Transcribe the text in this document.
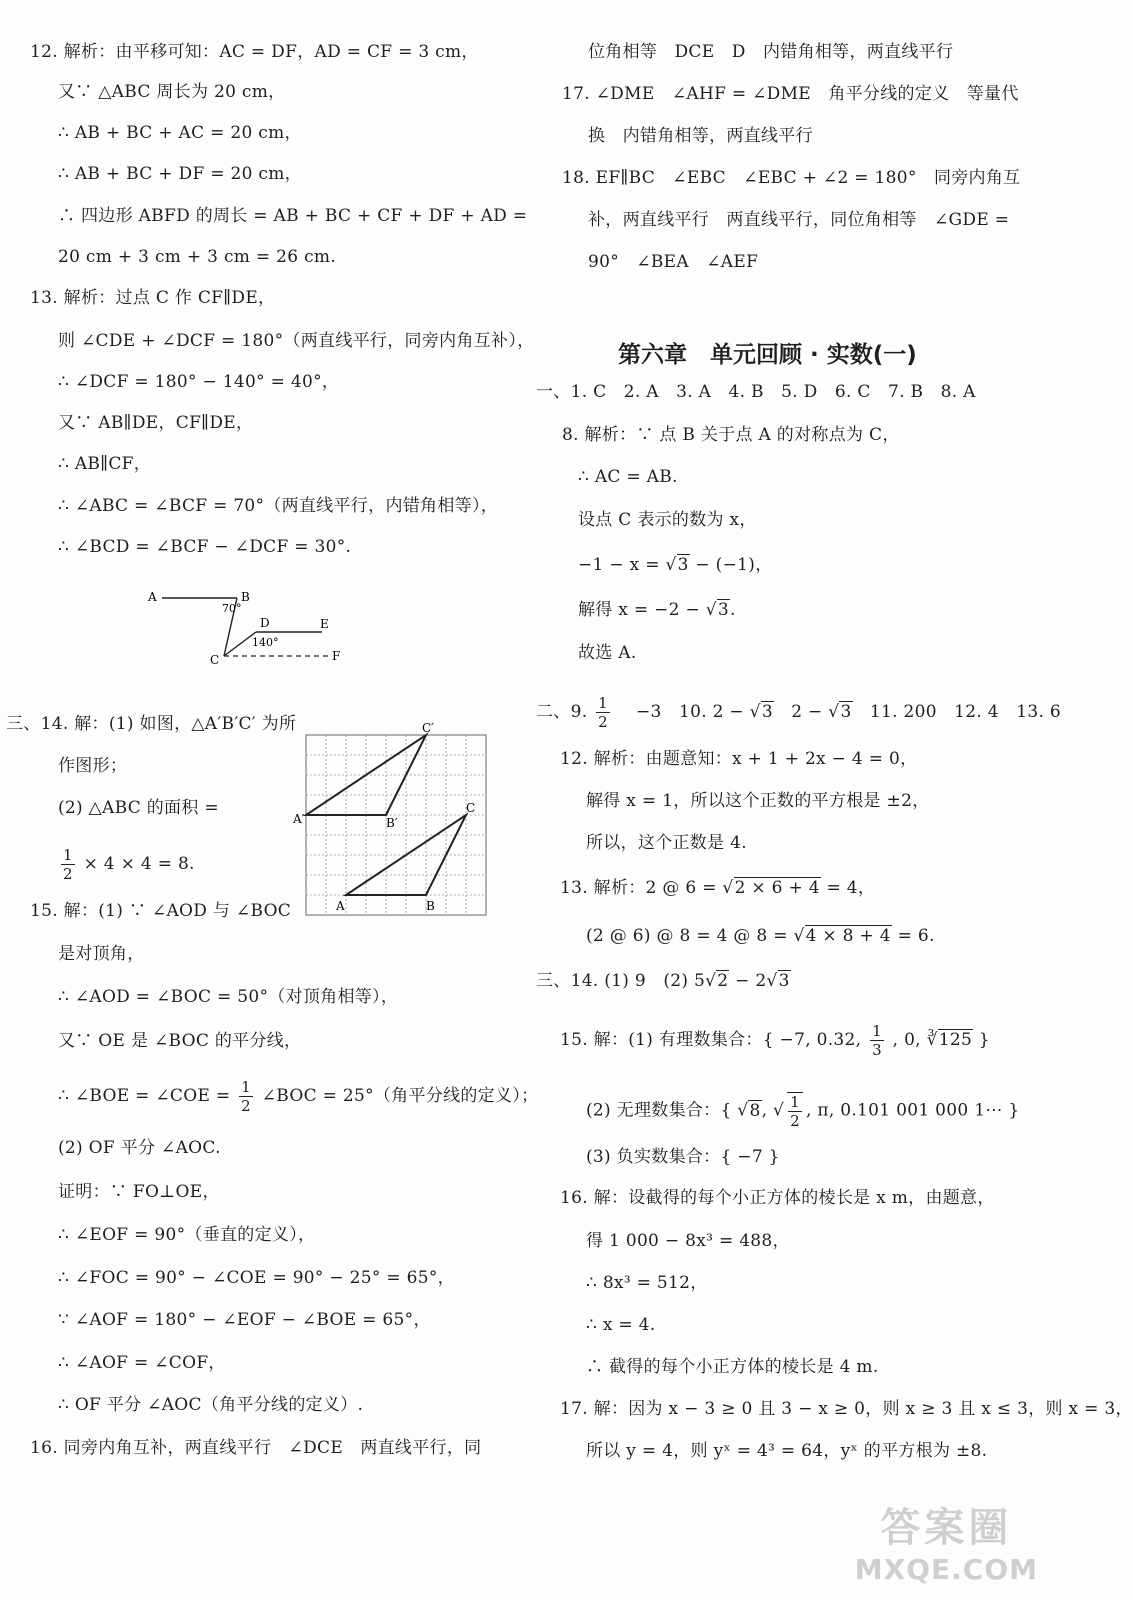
12. 解析：由平移可知：AC = DF，AD = CF = 3 cm，
又∵ △ABC 周长为 20 cm，
∴ AB + BC + AC = 20 cm，
∴ AB + BC + DF = 20 cm，
∴ 四边形 ABFD 的周长 = AB + BC + CF + DF + AD =
20 cm + 3 cm + 3 cm = 26 cm.
13. 解析：过点 C 作 CF∥DE，
则 ∠CDE + ∠DCF = 180°（两直线平行，同旁内角互补），
∴ ∠DCF = 180° − 140° = 40°，
又∵ AB∥DE，CF∥DE，
∴ AB∥CF，
∴ ∠ABC = ∠BCF = 70°（两直线平行，内错角相等），
∴ ∠BCD = ∠BCF − ∠DCF = 30°.
A	B
C
D	E
F
70°
140°
三、14. 解：(1) 如图，△A′B′C′ 为所
作图形；
(2) △ABC 的面积 =
$\frac{1}{2} \times 4 \times 4 = 8$.
A′	B′
C′
A	B
C
15. 解：(1) ∵ ∠AOD 与 ∠BOC
是对顶角，
∴ ∠AOD = ∠BOC = 50°（对顶角相等），
又∵ OE 是 ∠BOC 的平分线，
∴ ∠BOE = ∠COE = $\frac{1}{2}$ ∠BOC = 25°（角平分线的定义）；
(2) OF 平分 ∠AOC.
证明：∵ FO⊥OE，
∴ ∠EOF = 90°（垂直的定义），
∴ ∠FOC = 90° − ∠COE = 90° − 25° = 65°，
∵ ∠AOF = 180° − ∠EOF − ∠BOE = 65°，
∴ ∠AOF = ∠COF，
∴ OF 平分 ∠AOC（角平分线的定义）.
16. 同旁内角互补，两直线平行　∠DCE　两直线平行，同
位角相等　DCE　D　内错角相等，两直线平行
17. ∠DME　∠AHF = ∠DME　角平分线的定义　等量代
换　内错角相等，两直线平行
18. EF∥BC　∠EBC　∠EBC + ∠2 = 180°　同旁内角互
补，两直线平行　两直线平行，同位角相等　∠GDE =
90°　∠BEA　∠AEF
第六章　单元回顾 · 实数(一)
一、1. C　2. A　3. A　4. B　5. D　6. C　7. B　8. A
8. 解析：∵ 点 B 关于点 A 的对称点为 C，
∴ AC = AB.
设点 C 表示的数为 x，
−1 − x = √3 − (−1)，
解得 x = −2 − √3.
故选 A.
二、9. $\frac{1}{2}$ 　−3　10. 2 − √3　2 − √3　11. 200　12. 4　13. 6
12. 解析：由题意知：x + 1 + 2x − 4 = 0，
解得 x = 1，所以这个正数的平方根是 ±2，
所以，这个正数是 4.
13. 解析：2 @ 6 = √2 × 6 + 4 = 4，
(2 @ 6) @ 8 = 4 @ 8 = √4 × 8 + 4 = 6.
三、14. (1) 9　(2) 5√2 − 2√3
15. 解：(1) 有理数集合：{ −7, 0.32, $\frac{1}{3}$ , 0, ∛125 }
(2) 无理数集合：{ √8, √ $\frac{1}{2}$ , π, 0.101 001 000 1⋯ }
(3) 负实数集合：{ −7 }
16. 解：设截得的每个小正方体的棱长是 x m，由题意，
得 1 000 − 8x³ = 488，
∴ 8x³ = 512，
∴ x = 4.
∴ 截得的每个小正方体的棱长是 4 m.
17. 解：因为 x − 3 ≥ 0 且 3 − x ≥ 0，则 x ≥ 3 且 x ≤ 3，则 x = 3，
所以 y = 4，则 yˣ = 4³ = 64，yˣ 的平方根为 ±8.
答案圈
MXQE.COM
